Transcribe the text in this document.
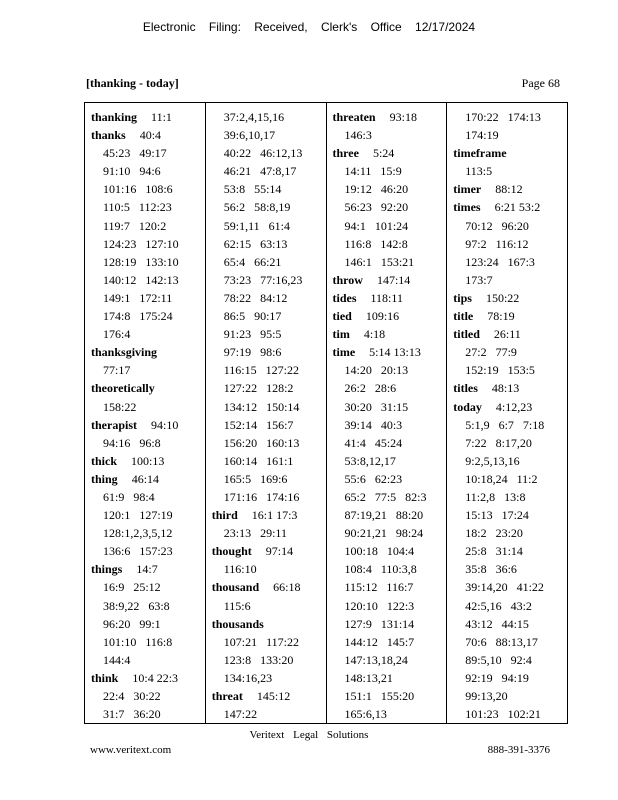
Electronic Filing: Received, Clerk's Office 12/17/2024
[thanking - today]	Page 68
thanking 11:1
thanks 40:4
45:23 49:17
91:10 94:6
101:16 108:6
110:5 112:23
119:7 120:2
124:23 127:10
128:19 133:10
140:12 142:13
149:1 172:11
174:8 175:24
176:4
thanksgiving
77:17
theoretically
158:22
therapist 94:10
94:16 96:8
thick 100:13
thing 46:14
61:9 98:4
120:1 127:19
128:1,2,3,5,12
136:6 157:23
things 14:7
16:9 25:12
38:9,22 63:8
96:20 99:1
101:10 116:8
144:4
think 10:4 22:3
22:4 30:22
31:7 36:20
37:2,4,15,16
39:6,10,17
40:22 46:12,13
46:21 47:8,17
53:8 55:14
56:2 58:8,19
59:1,11 61:4
62:15 63:13
65:4 66:21
73:23 77:16,23
78:22 84:12
86:5 90:17
91:23 95:5
97:19 98:6
116:15 127:22
127:22 128:2
134:12 150:14
152:14 156:7
156:20 160:13
160:14 161:1
165:5 169:6
171:16 174:16
third 16:1 17:3
23:13 29:11
thought 97:14
116:10
thousand 66:18
115:6
thousands
107:21 117:22
123:8 133:20
134:16,23
threat 145:12
147:22
threaten 93:18
146:3
three 5:24
14:11 15:9
19:12 46:20
56:23 92:20
94:1 101:24
116:8 142:8
146:1 153:21
throw 147:14
tides 118:11
tied 109:16
tim 4:18
time 5:14 13:13
14:20 20:13
26:2 28:6
30:20 31:15
39:14 40:3
41:4 45:24
53:8,12,17
55:6 62:23
65:2 77:5 82:3
87:19,21 88:20
90:21,21 98:24
100:18 104:4
108:4 110:3,8
115:12 116:7
120:10 122:3
127:9 131:14
144:12 145:7
147:13,18,24
148:13,21
151:1 155:20
165:6,13
170:22 174:13
174:19
timeframe
113:5
timer 88:12
times 6:21 53:2
70:12 96:20
97:2 116:12
123:24 167:3
173:7
tips 150:22
title 78:19
titled 26:11
27:2 77:9
152:19 153:5
titles 48:13
today 4:12,23
5:1,9 6:7 7:18
7:22 8:17,20
9:2,5,13,16
10:18,24 11:2
11:2,8 13:8
15:13 17:24
18:2 23:20
25:8 31:14
35:8 36:6
39:14,20 41:22
42:5,16 43:2
43:12 44:15
70:6 88:13,17
89:5,10 92:4
92:19 94:19
99:13,20
101:23 102:21
Veritext Legal Solutions
www.veritext.com	888-391-3376
